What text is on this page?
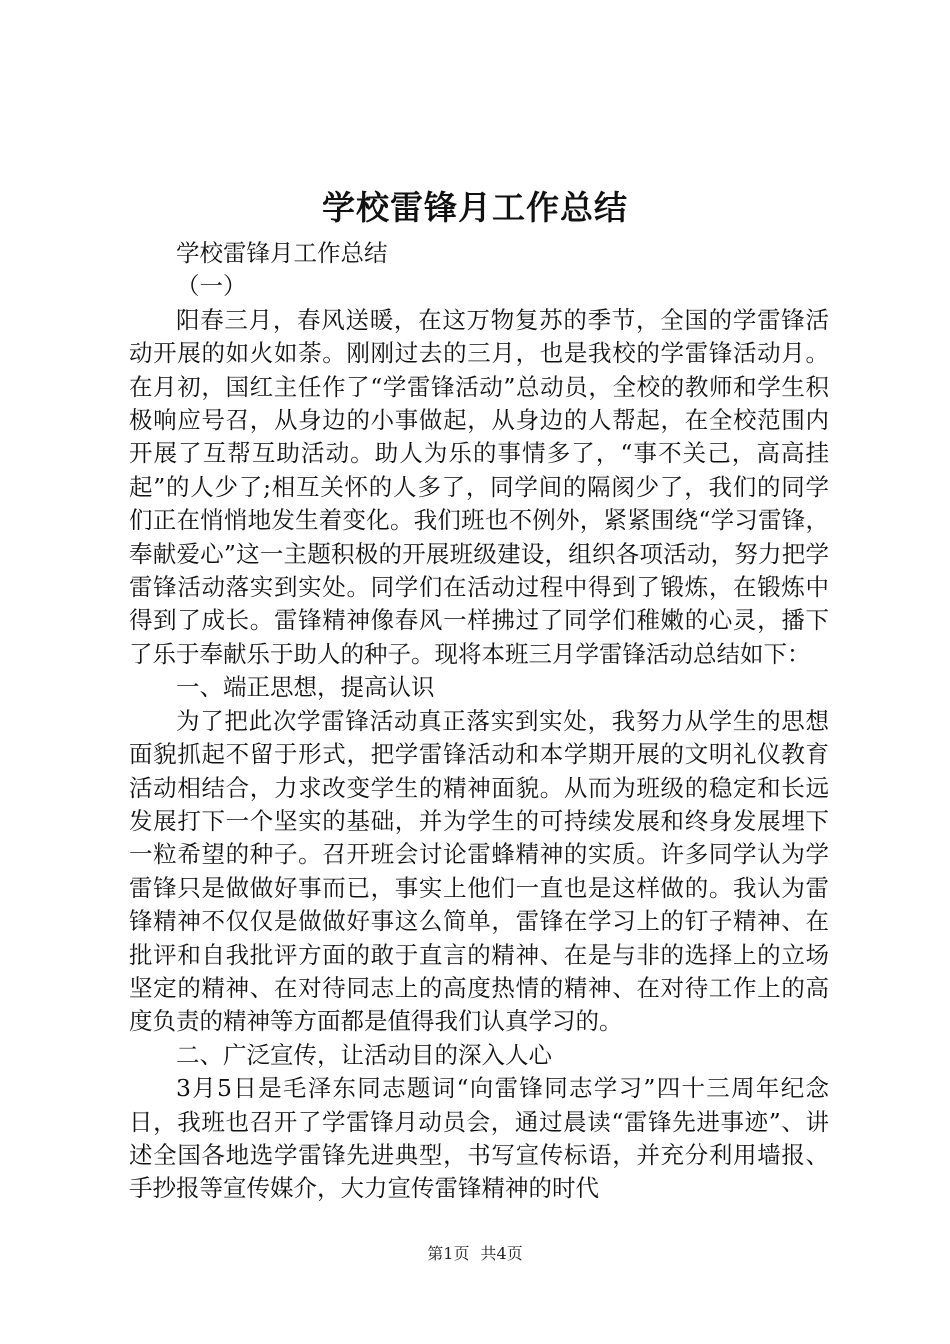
学校雷锋月工作总结

学校雷锋月工作总结

（一）

阳春三月，春风送暖，在这万物复苏的季节，全国的学雷锋活动开展的如火如荼。刚刚过去的三月，也是我校的学雷锋活动月。在月初，国红主任作了“学雷锋活动”总动员，全校的教师和学生积极响应号召，从身边的小事做起，从身边的人帮起，在全校范围内开展了互帮互助活动。助人为乐的事情多了，“事不关己，高高挂起”的人少了;相互关怀的人多了，同学间的隔阂少了，我们的同学们正在悄悄地发生着变化。我们班也不例外，紧紧围绕“学习雷锋，奉献爱心”这一主题积极的开展班级建设，组织各项活动，努力把学雷锋活动落实到实处。同学们在活动过程中得到了锻炼，在锻炼中得到了成长。雷锋精神像春风一样拂过了同学们稚嫩的心灵，播下了乐于奉献乐于助人的种子。现将本班三月学雷锋活动总结如下：

一、端正思想，提高认识

为了把此次学雷锋活动真正落实到实处，我努力从学生的思想面貌抓起不留于形式，把学雷锋活动和本学期开展的文明礼仪教育活动相结合，力求改变学生的精神面貌。从而为班级的稳定和长远发展打下一个坚实的基础，并为学生的可持续发展和终身发展埋下一粒希望的种子。召开班会讨论雷蜂精神的实质。许多同学认为学雷锋只是做做好事而已，事实上他们一直也是这样做的。我认为雷锋精神不仅仅是做做好事这么简单，雷锋在学习上的钉子精神、在批评和自我批评方面的敢于直言的精神、在是与非的选择上的立场坚定的精神、在对待同志上的高度热情的精神、在对待工作上的高度负责的精神等方面都是值得我们认真学习的。

二、广泛宣传，让活动目的深入人心

3月5日是毛泽东同志题词“向雷锋同志学习”四十三周年纪念日，我班也召开了学雷锋月动员会，通过晨读“雷锋先进事迹”、讲述全国各地选学雷锋先进典型，书写宣传标语，并充分利用墙报、手抄报等宣传媒介，大力宣传雷锋精神的时代

第1页 共4页
